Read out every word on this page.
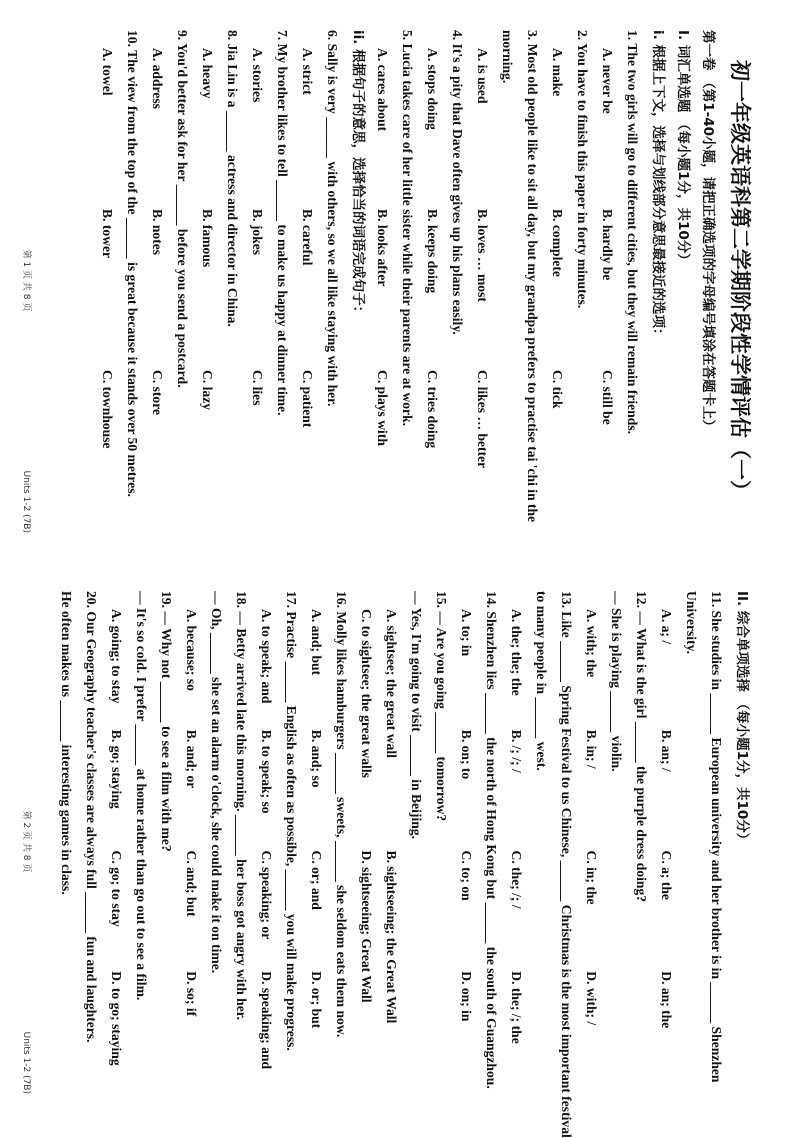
初一年级英语科第二学期阶段性学情评估（一）
第一卷 （第1-40小题，请把正确选项的字母编号填涂在答题卡上）
I. 词汇单选题 （每小题1分，共10分）
i. 根据上下文，选择与划线部分意思最接近的选项：
1. The two girls will go to different cities, but they will remain friends.
A. never be
B. hardly be
C. still be
2. You have to finish this paper in forty minutes.
A. make
B. complete
C. tick
3. Most old people like to sit all day, but my grandpa prefers to practise tai 'chi in the
morning.
A. is used
B. loves … most
C. likes … better
4. It's a pity that Dave often gives up his plans easily.
A. stops doing
B. keeps doing
C. tries doing
5. Lucia takes care of her little sister while their parents are at work.
A. cares about
B. looks after
C. plays with
ii. 根据句子的意思，选择恰当的词语完成句子：
6. Sally is very ______ with others, so we all like staying with her.
A. strict
B. careful
C. patient
7. My brother likes to tell ______ to make us happy at dinner time.
A. stories
B. jokes
C. lies
8. Jia Lin is a ______ actress and director in China.
A. heavy
B. famous
C. lazy
9. You'd better ask for her ______ before you send a postcard.
A. address
B. notes
C. store
10. The view from the top of the ______ is great because it stands over 50 metres.
A. towel
B. tower
C. townhouse
第 1 页 共 8 页
Units 1-2 (7B)
II. 综合单项选择 （每小题1分，共10分）
11. She studies in ______ European university and her brother is in ______ Shenzhen
University.
A. a; /
B. an; /
C. a; the
D. an; the
12. — What is the girl ______ the purple dress doing?
— She is playing ______ violin.
A. with; the
B. in; /
C. in; the
D. with; /
13. Like ______ Spring Festival to us Chinese, ______ Christmas is the most important festival
to many people in ______ west.
A. the; the; the
B. /; /; /
C. the; /; /
D. the; /; the
14. Shenzhen lies ______ the north of Hong Kong but ______ the south of Guangzhou.
A. to; in
B. on; to
C. to; on
D. on; in
15. — Are you going ______ tomorrow?
— Yes, I'm going to visit ______ in Beijing.
A. sightsee; the great wall
B. sightseeing; the Great Wall
C. to sightsee; the great walls
D. sightseeing; Great Wall
16. Molly likes hamburgers ______ sweets, ______ she seldom eats them now.
A. and; but
B. and; so
C. or; and
D. or; but
17. Practise ______ English as often as possible, ______ you will make progress.
A. to speak; and
B. to speak; so
C. speaking; or
D. speaking; and
18. — Betty arrived late this morning. ______ her boss got angry with her.
— Oh, ______ she set an alarm o'clock, she could make it on time.
A. because; so
B. and; or
C. and; but
D. so; if
19. — Why not ______ to see a film with me?
— It's so cold. I prefer ______ at home rather than go out to see a film.
A. going; to stay
B. go; staying
C. go; to stay
D. to go; staying
20. Our Geography teacher's classes are always full ______ fun and laughters.
He often makes us ______ interesting games in class.
第 2 页 共 8 页
Units 1-2 (7B)
